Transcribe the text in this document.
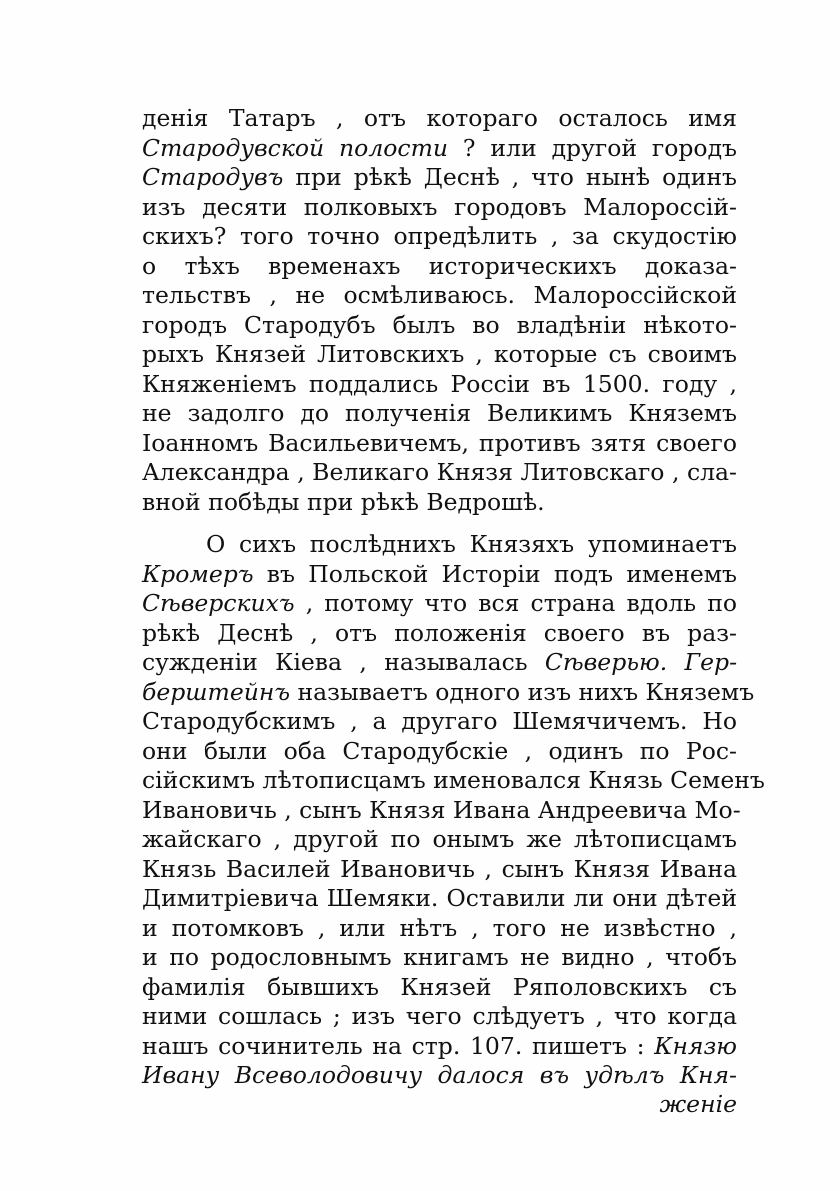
денія Татаръ , отъ котораго осталось имя
Стародувской полости ? или другой городъ
Стародувъ при рѣкѣ Деснѣ , что нынѣ одинъ
изъ десяти полковыхъ городовъ Малороссій-
скихъ? того точно опредѣлить , за скудостію
о тѣхъ временахъ историческихъ доказа-
тельствъ , не осмѣливаюсь. Малороссійской
городъ Стародубъ былъ во владѣніи нѣкото-
рыхъ Князей Литовскихъ , которые съ своимъ
Княженіемъ поддались Россіи въ 1500. году ,
не задолго до полученія Великимъ Княземъ
Іоанномъ Васильевичемъ, противъ зятя своего
Александра , Великаго Князя Литовскаго , сла-
вной побѣды при рѣкѣ Ведрошѣ.
О сихъ послѣднихъ Князяхъ упоминаетъ
Кромеръ въ Польской Исторіи подъ именемъ
Сѣверскихъ , потому что вся страна вдоль по
рѣкѣ Деснѣ , отъ положенія своего въ раз-
сужденіи Кіева , называлась Сѣверью. Гер-
берштейнъ называетъ одного изъ нихъ Княземъ
Стародубскимъ , а другаго Шемячичемъ. Но
они были оба Стародубскіе , одинъ по Рос-
сійскимъ лѣтописцамъ именовался Князь Семенъ
Ивановичь , сынъ Князя Ивана Андреевича Мо-
жайскаго , другой по онымъ же лѣтописцамъ
Князь Василей Ивановичь , сынъ Князя Ивана
Димитріевича Шемяки. Оставили ли они дѣтей
и потомковъ , или нѣтъ , того не извѣстно ,
и по родословнымъ книгамъ не видно , чтобъ
фамилія бывшихъ Князей Ряполовскихъ съ
ними сошлась ; изъ чего слѣдуетъ , что когда
нашъ сочинитель на стр. 107. пишетъ : Князю
Ивану Всеволодовичу далося въ удѣлъ Кня-
женіе
